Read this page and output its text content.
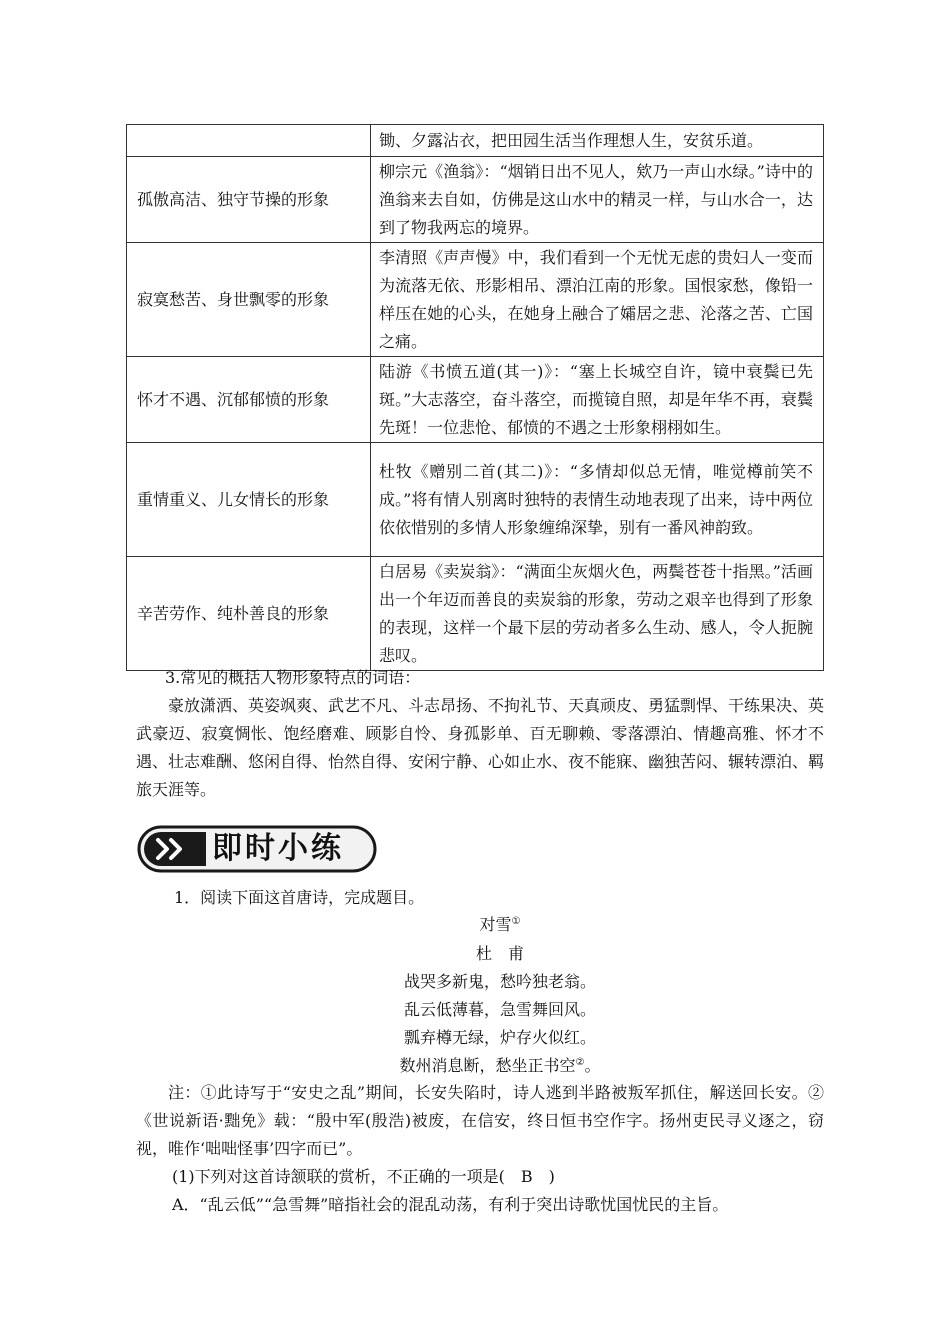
	锄、夕露沾衣，把田园生活当作理想人生，安贫乐道。
孤傲高洁、独守节操的形象	柳宗元《渔翁》：“烟销日出不见人，欸乃一声山水绿。”诗中的渔翁来去自如，仿佛是这山水中的精灵一样，与山水合一，达到了物我两忘的境界。
寂寞愁苦、身世飘零的形象	李清照《声声慢》中，我们看到一个无忧无虑的贵妇人一变而为流落无依、形影相吊、漂泊江南的形象。国恨家愁，像铅一样压在她的心头，在她身上融合了孀居之悲、沦落之苦、亡国之痛。
怀才不遇、沉郁郁愤的形象	陆游《书愤五道(其一)》：“塞上长城空自许，镜中衰鬓已先斑。”大志落空，奋斗落空，而揽镜自照，却是年华不再，衰鬓先斑！一位悲怆、郁愤的不遇之士形象栩栩如生。
重情重义、儿女情长的形象	杜牧《赠别二首(其二)》：“多情却似总无情，唯觉樽前笑不成。”将有情人别离时独特的表情生动地表现了出来，诗中两位依依惜别的多情人形象缠绵深挚，别有一番风神韵致。
辛苦劳作、纯朴善良的形象	白居易《卖炭翁》：“满面尘灰烟火色，两鬓苍苍十指黑。”活画出一个年迈而善良的卖炭翁的形象，劳动之艰辛也得到了形象的表现，这样一个最下层的劳动者多么生动、感人，令人扼腕悲叹。
3.常见的概括人物形象特点的词语：
豪放潇洒、英姿飒爽、武艺不凡、斗志昂扬、不拘礼节、天真顽皮、勇猛剽悍、干练果决、英武豪迈、寂寞惆怅、饱经磨难、顾影自怜、身孤影单、百无聊赖、零落漂泊、情趣高雅、怀才不遇、壮志难酬、悠闲自得、怡然自得、安闲宁静、心如止水、夜不能寐、幽独苦闷、辗转漂泊、羁旅天涯等。
即时小练
1．阅读下面这首唐诗，完成题目。
对雪①
杜　甫
战哭多新鬼，愁吟独老翁。
乱云低薄暮，急雪舞回风。
瓢弃樽无绿，炉存火似红。
数州消息断，愁坐正书空②。
注：①此诗写于“安史之乱”期间，长安失陷时，诗人逃到半路被叛军抓住，解送回长安。②《世说新语·黜免》载：“殷中军(殷浩)被废，在信安，终日恒书空作字。扬州吏民寻义逐之，窃视，唯作‘咄咄怪事’四字而已”。
(1)下列对这首诗颔联的赏析，不正确的一项是(　B　)
A．“乱云低”“急雪舞”暗指社会的混乱动荡，有利于突出诗歌忧国忧民的主旨。
